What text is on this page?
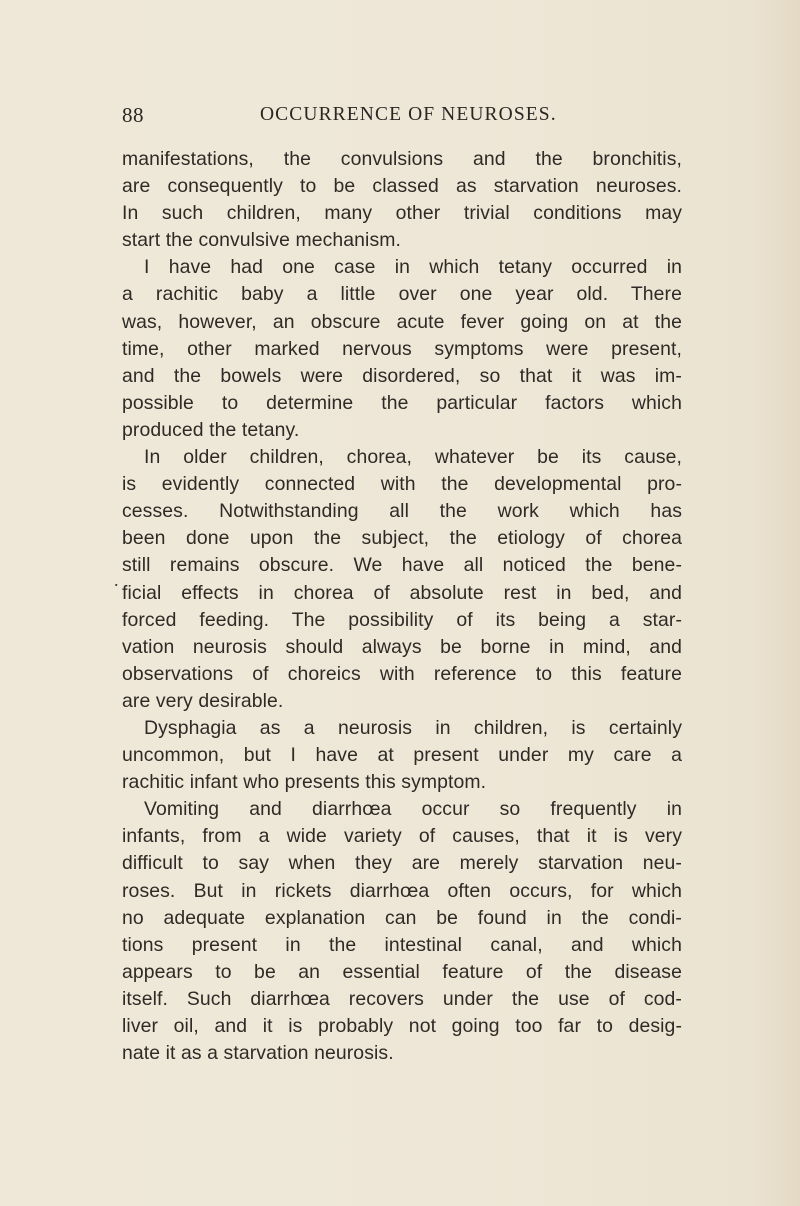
88	OCCURRENCE OF NEUROSES.
.
manifestations, the convulsions and the bronchitis,
are consequently to be classed as starvation neuroses.
In such children, many other trivial conditions may
start the convulsive mechanism.
I have had one case in which tetany occurred in
a rachitic baby a little over one year old. There
was, however, an obscure acute fever going on at the
time, other marked nervous symptoms were present,
and the bowels were disordered, so that it was im-
possible to determine the particular factors which
produced the tetany.
In older children, chorea, whatever be its cause,
is evidently connected with the developmental pro-
cesses. Notwithstanding all the work which has
been done upon the subject, the etiology of chorea
still remains obscure. We have all noticed the bene-
ficial effects in chorea of absolute rest in bed, and
forced feeding. The possibility of its being a star-
vation neurosis should always be borne in mind, and
observations of choreics with reference to this feature
are very desirable.
Dysphagia as a neurosis in children, is certainly
uncommon, but I have at present under my care a
rachitic infant who presents this symptom.
Vomiting and diarrhœa occur so frequently in
infants, from a wide variety of causes, that it is very
difficult to say when they are merely starvation neu-
roses. But in rickets diarrhœa often occurs, for which
no adequate explanation can be found in the condi-
tions present in the intestinal canal, and which
appears to be an essential feature of the disease
itself. Such diarrhœa recovers under the use of cod-
liver oil, and it is probably not going too far to desig-
nate it as a starvation neurosis.
